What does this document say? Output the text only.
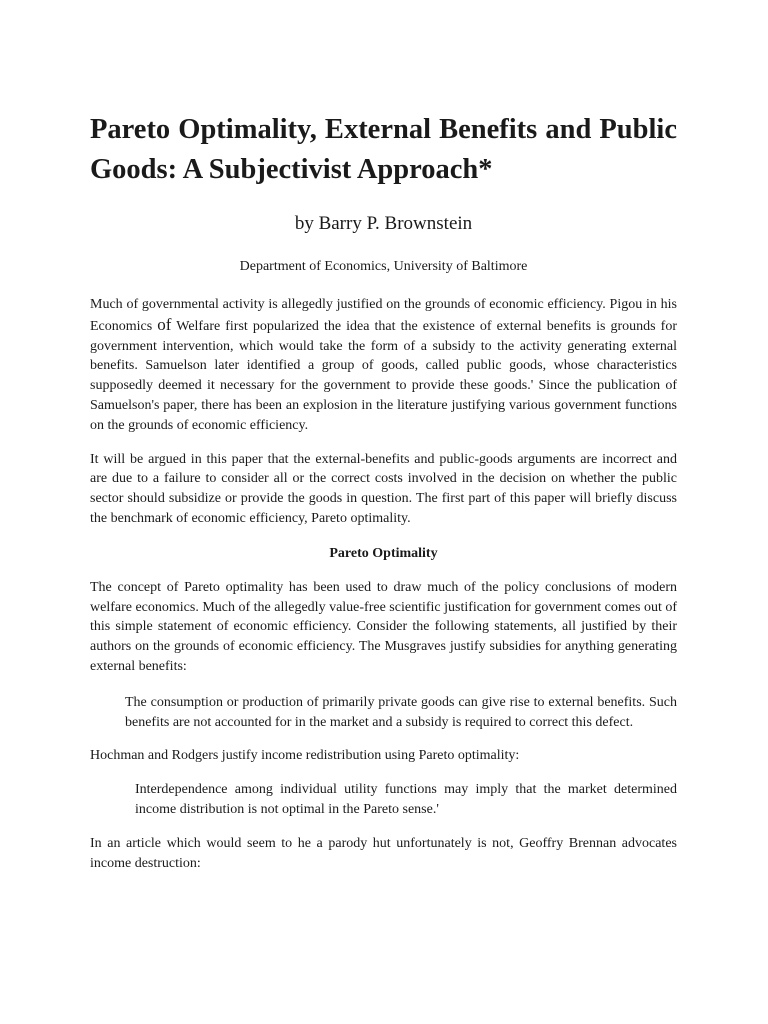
Pareto Optimality, External Benefits and Public Goods: A Subjectivist Approach*
by Barry P. Brownstein
Department of Economics, University of Baltimore

Much of governmental activity is allegedly justified on the grounds of economic efficiency. Pigou in his Economics of Welfare first popularized the idea that the existence of external benefits is grounds for government intervention, which would take the form of a subsidy to the activity generating external benefits. Samuelson later identified a group of goods, called public goods, whose characteristics supposedly deemed it necessary for the government to provide these goods.' Since the publication of Samuelson's paper, there has been an explosion in the literature justifying various government functions on the grounds of economic efficiency.

It will be argued in this paper that the external-benefits and public-goods arguments are incorrect and are due to a failure to consider all or the correct costs involved in the decision on whether the public sector should subsidize or provide the goods in question. The first part of this paper will briefly discuss the benchmark of economic efficiency, Pareto optimality.

Pareto Optimality

The concept of Pareto optimality has been used to draw much of the policy conclusions of modern welfare economics. Much of the allegedly value-free scientific justification for government comes out of this simple statement of economic efficiency. Consider the following statements, all justified by their authors on the grounds of economic efficiency. The Musgraves justify subsidies for anything generating external benefits:

The consumption or production of primarily private goods can give rise to external benefits. Such benefits are not accounted for in the market and a subsidy is required to correct this defect.

Hochman and Rodgers justify income redistribution using Pareto optimality:

Interdependence among individual utility functions may imply that the market determined income distribution is not optimal in the Pareto sense.'

In an article which would seem to he a parody hut unfortunately is not, Geoffry Brennan advocates income destruction:
